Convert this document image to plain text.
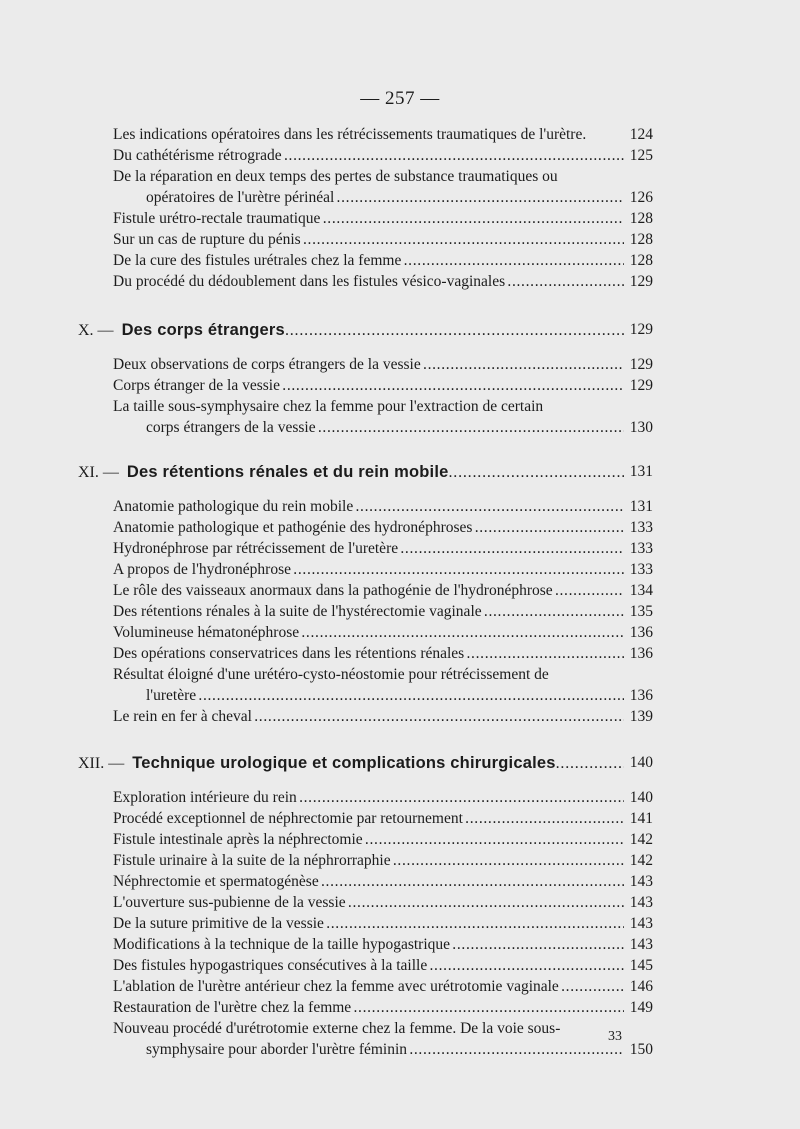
— 257 —
Les indications opératoires dans les rétrécissements traumatiques de l'urètre.	124
Du cathétérisme rétrograde . . .	125
De la réparation en deux temps des pertes de substance traumatiques ou
opératoires de l'urètre périnéal . . .	126
Fistule urétro-rectale traumatique . . .	128
Sur un cas de rupture du pénis . . .	128
De la cure des fistules urétrales chez la femme . . .	128
Du procédé du dédoublement dans les fistules vésico-vaginales . . .	129
X. — Des corps étrangers . . .	129
Deux observations de corps étrangers de la vessie . . .	129
Corps étranger de la vessie . . .	129
La taille sous-symphysaire chez la femme pour l'extraction de certain
corps étrangers de la vessie . . .	130
XI. — Des rétentions rénales et du rein mobile . . .	131
Anatomie pathologique du rein mobile . . .	131
Anatomie pathologique et pathogénie des hydronéphroses . . .	133
Hydronéphrose par rétrécissement de l'uretère . . .	133
A propos de l'hydronéphrose . . .	133
Le rôle des vaisseaux anormaux dans la pathogénie de l'hydronéphrose . . .	134
Des rétentions rénales à la suite de l'hystérectomie vaginale . . .	135
Volumineuse hématonéphrose . . .	136
Des opérations conservatrices dans les rétentions rénales . . .	136
Résultat éloigné d'une urétéro-cysto-néostomie pour rétrécissement de
l'uretère . . .	136
Le rein en fer à cheval . . .	139
XII. — Technique urologique et complications chirurgicales . . .	140
Exploration intérieure du rein . . .	140
Procédé exceptionnel de néphrectomie par retournement . . .	141
Fistule intestinale après la néphrectomie . . .	142
Fistule urinaire à la suite de la néphrorraphie . . .	142
Néphrectomie et spermatogénèse . . .	143
L'ouverture sus-pubienne de la vessie . . .	143
De la suture primitive de la vessie . . .	143
Modifications à la technique de la taille hypogastrique . . .	143
Des fistules hypogastriques consécutives à la taille . . .	145
L'ablation de l'urètre antérieur chez la femme avec urétrotomie vaginale . . .	146
Restauration de l'urètre chez la femme . . .	149
Nouveau procédé d'urétrotomie externe chez la femme. De la voie sous-
symphysaire pour aborder l'urètre féminin . . .	150
33
